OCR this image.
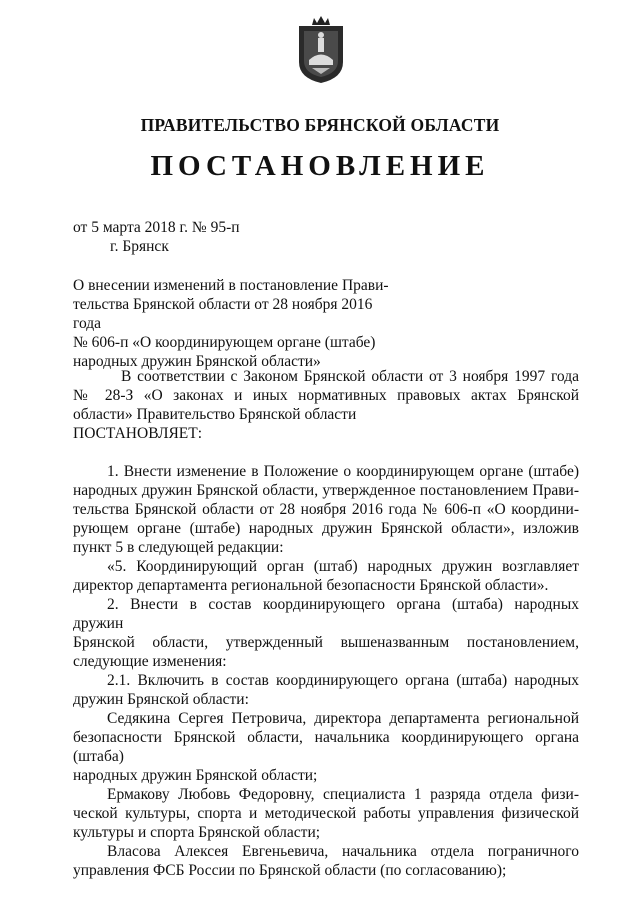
ПРАВИТЕЛЬСТВО БРЯНСКОЙ ОБЛАСТИ
ПОСТАНОВЛЕНИЕ
от 5 марта 2018 г. № 95-п
г. Брянск
О внесении изменений в постановление Прави-
тельства Брянской области от 28 ноября 2016 года
№ 606-п «О координирующем органе (штабе)
народных дружин Брянской области»

В соответствии с Законом Брянской области от 3 ноября 1997 года

№ 28-З «О законах и иных нормативных правовых актах Брянской

области» Правительство Брянской области

ПОСТАНОВЛЯЕТ:

1. Внести изменение в Положение о координирующем органе (штабе)

народных дружин Брянской области, утвержденное постановлением Прави-

тельства Брянской области от 28 ноября 2016 года № 606-п «О координи-

рующем органе (штабе) народных дружин Брянской области», изложив

пункт 5 в следующей редакции:

«5. Координирующий орган (штаб) народных дружин возглавляет

директор департамента региональной безопасности Брянской области».

2. Внести в состав координирующего органа (штаба) народных дружин

Брянской области, утвержденный вышеназванным постановлением,

следующие изменения:

2.1. Включить в состав координирующего органа (штаба) народных

дружин Брянской области:

Седякина Сергея Петровича, директора департамента региональной

безопасности Брянской области, начальника координирующего органа (штаба)

народных дружин Брянской области;

Ермакову Любовь Федоровну, специалиста 1 разряда отдела физи-

ческой культуры, спорта и методической работы управления физической

культуры и спорта Брянской области;

Власова Алексея Евгеньевича, начальника отдела пограничного

управления ФСБ России по Брянской области (по согласованию);
